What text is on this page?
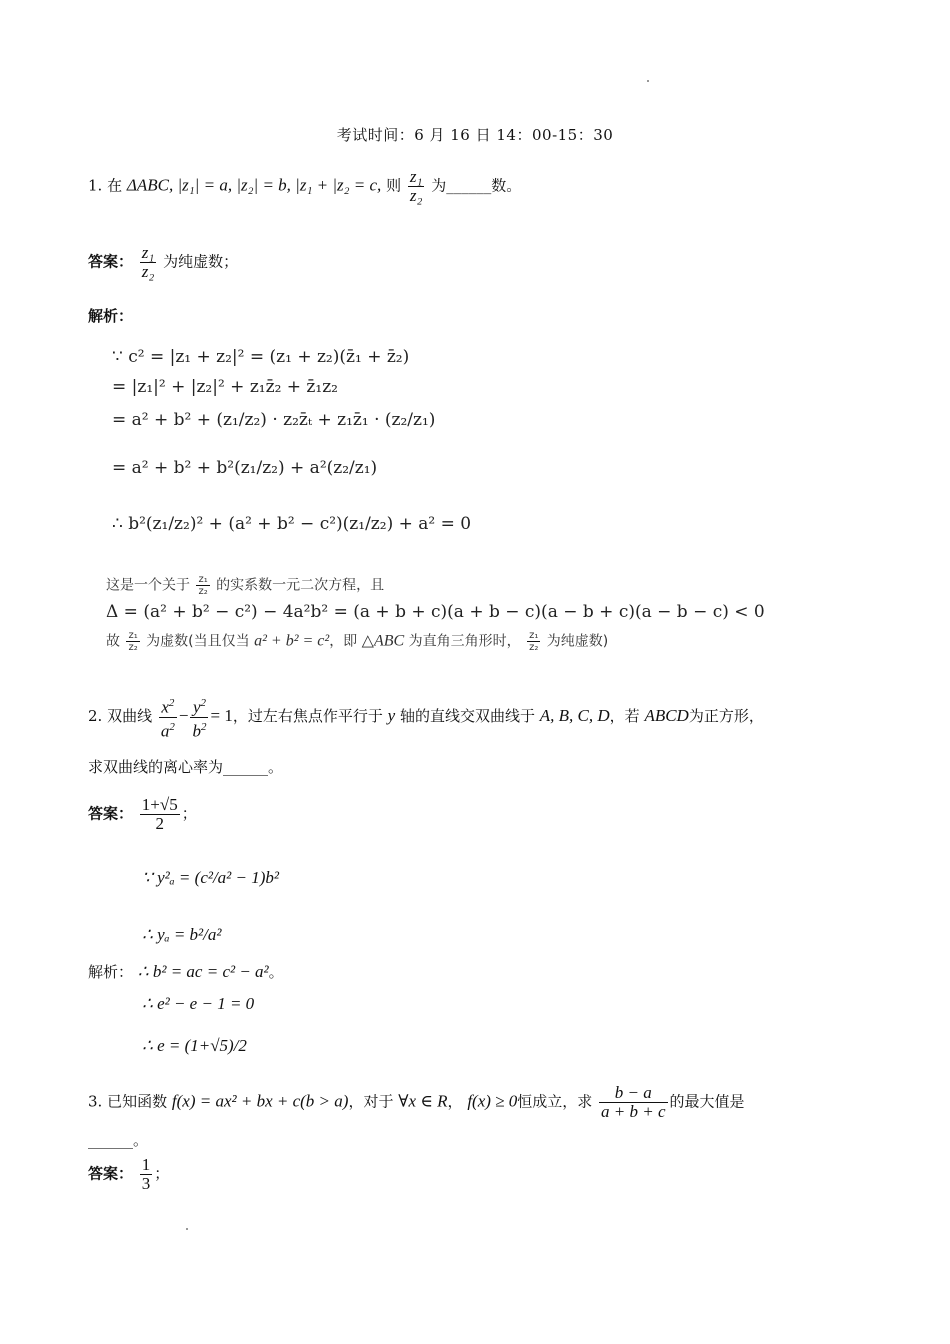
考试时间：6 月 16 日 14：00-15：30
1. 在 ΔABC, |z₁| = a, |z₂| = b, |z₁ + |z₂ = c, 则 $\frac{\text{z₁}}{\text{z₂}}$ 为______数。
答案： $\frac{\text{z₁}}{\text{z₂}}$ 为纯虚数；
解析：
∵ c² = |z₁ + z₂|² = (z₁ + z₂)(z̄₁ + z̄₂)
= |z₁|² + |z₂|² + z₁z̄₂ + z̄₁z₂
= a² + b² + (z₁/z₂) · z₂z̄ₜ + z₁z̄₁ · (z₂/z₁)
= a² + b² + b²(z₁/z₂) + a²(z₂/z₁)
∴ b²(z₁/z₂)² + (a² + b² − c²)(z₁/z₂) + a² = 0
这是一个关于 $\frac{\text{z₁}}{\text{z₂}}$ 的实系数一元二次方程，且
Δ = (a² + b² − c²) − 4a²b² = (a + b + c)(a + b − c)(a − b + c)(a − b − c) < 0
故 $\frac{\text{z₁}}{\text{z₂}}$ 为虚数(当且仅当 a² + b² = c²，即 △ABC 为直角三角形时， $\frac{\text{z₁}}{\text{z₂}}$ 为纯虚数)
2. 双曲线 $\frac{x^2}{a^2} - \frac{y^2}{b^2} = 1$，过左右焦点作平行于 y 轴的直线交双曲线于 A, B, C, D，若 ABCD为正方形，
求双曲线的离心率为______。
答案： $\frac{1+√5}{2}$ ；
∵ y²ₐ = (c²/a² − 1)b²
∴ yₐ = b²/a²
解析： ∴ b² = ac = c² − a²。
∴ e² − e − 1 = 0
∴ e = (1+√5)/2
3. 已知函数 f(x) = ax² + bx + c(b > a)，对于 ∀x ∈ R， f(x) ≥ 0恒成立，求 $\frac{b - a}{a + b + c}$ 的最大值是
______。
答案： $\frac{1}{3}$ ；
